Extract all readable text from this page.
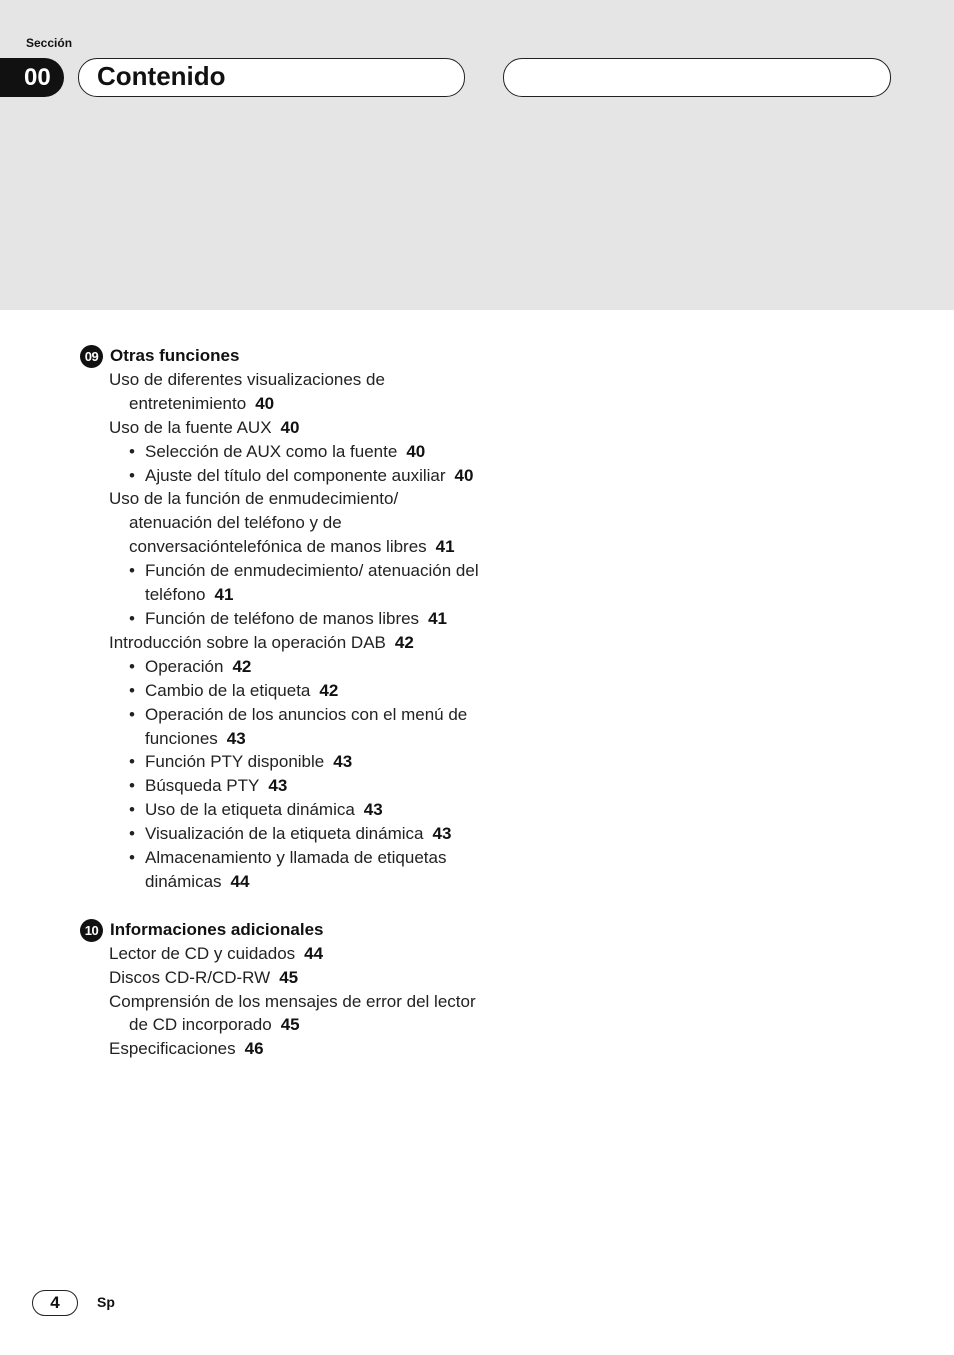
Sección
00	Contenido
09 Otras funciones
Uso de diferentes visualizaciones de entretenimiento 40
Uso de la fuente AUX 40
• Selección de AUX como la fuente 40
• Ajuste del título del componente auxiliar 40
Uso de la función de enmudecimiento/ atenuación del teléfono y de conversacióntelefónica de manos libres 41
• Función de enmudecimiento/ atenuación del teléfono 41
• Función de teléfono de manos libres 41
Introducción sobre la operación DAB 42
• Operación 42
• Cambio de la etiqueta 42
• Operación de los anuncios con el menú de funciones 43
• Función PTY disponible 43
• Búsqueda PTY 43
• Uso de la etiqueta dinámica 43
• Visualización de la etiqueta dinámica 43
• Almacenamiento y llamada de etiquetas dinámicas 44
10 Informaciones adicionales
Lector de CD y cuidados 44
Discos CD-R/CD-RW 45
Comprensión de los mensajes de error del lector de CD incorporado 45
Especificaciones 46
4	Sp
